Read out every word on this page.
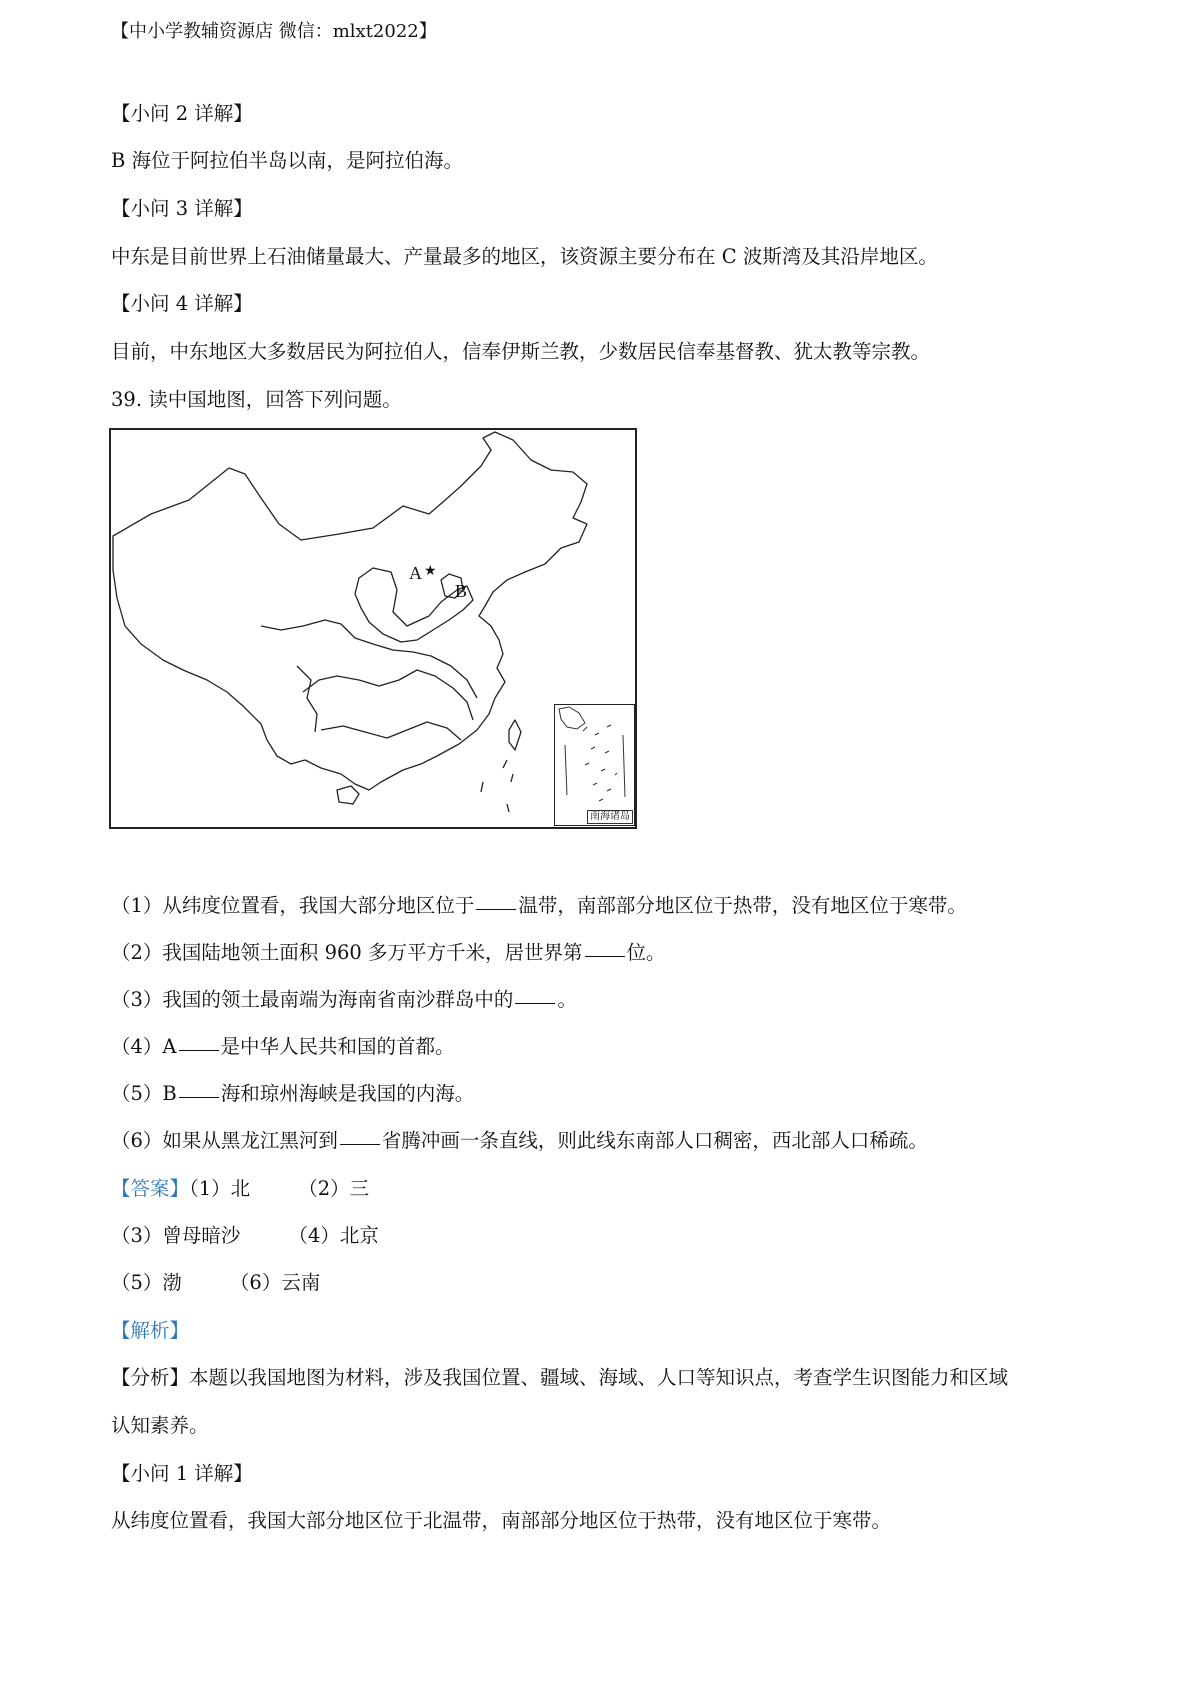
【中小学教辅资源店 微信：mlxt2022】
【小问 2 详解】
B 海位于阿拉伯半岛以南，是阿拉伯海。
【小问 3 详解】
中东是目前世界上石油储量最大、产量最多的地区，该资源主要分布在 C 波斯湾及其沿岸地区。
【小问 4 详解】
目前，中东地区大多数居民为阿拉伯人，信奉伊斯兰教，少数居民信奉基督教、犹太教等宗教。
39. 读中国地图，回答下列问题。
A ★
B
南海诸岛
（1）从纬度位置看，我国大部分地区位于 温带，南部部分地区位于热带，没有地区位于寒带。
（2）我国陆地领土面积 960 多万平方千米，居世界第 位。
（3）我国的领土最南端为海南省南沙群岛中的 。
（4）A 是中华人民共和国的首都。
（5）B 海和琼州海峡是我国的内海。
（6）如果从黑龙江黑河到 省腾冲画一条直线，则此线东南部人口稠密，西北部人口稀疏。
【答案】（1）北 （2）三
（3）曾母暗沙 （4）北京
（5）渤 （6）云南
【解析】
【分析】本题以我国地图为材料，涉及我国位置、疆域、海域、人口等知识点，考查学生识图能力和区域
认知素养。
【小问 1 详解】
从纬度位置看，我国大部分地区位于北温带，南部部分地区位于热带，没有地区位于寒带。
